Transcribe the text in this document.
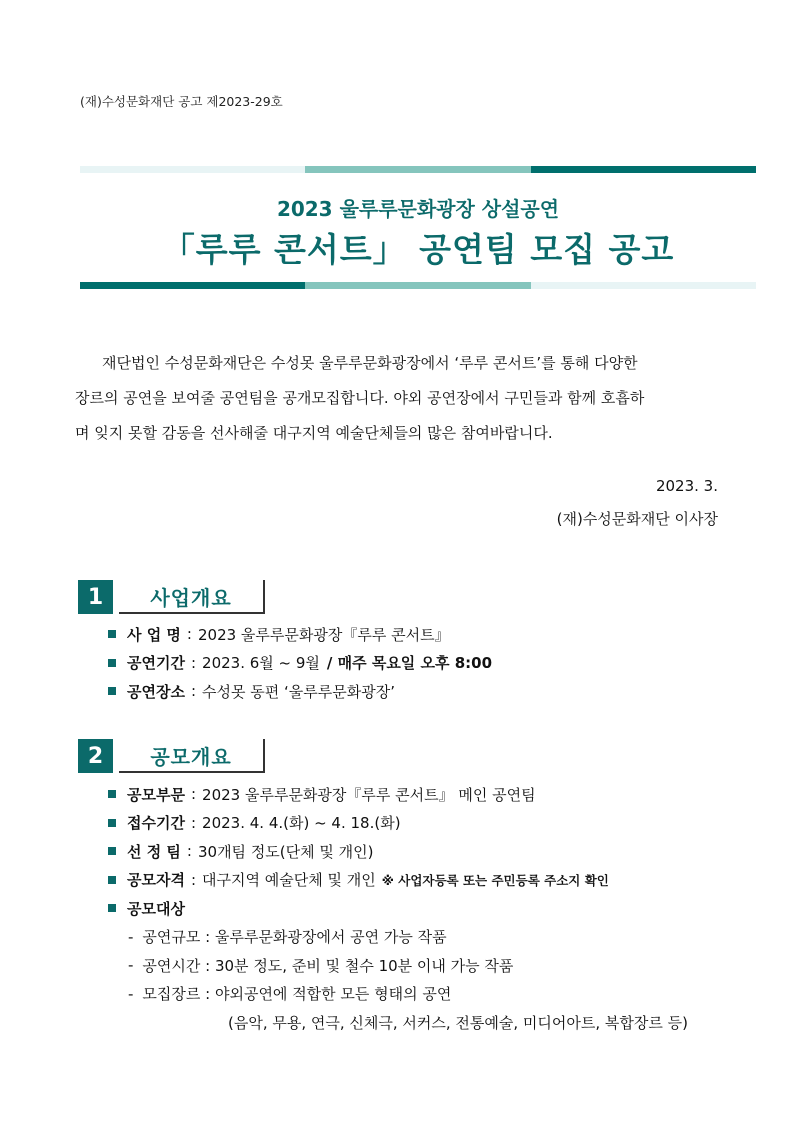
(재)수성문화재단 공고 제2023-29호
2023 울루루문화광장 상설공연
「루루 콘서트」 공연팀 모집 공고
재단법인 수성문화재단은 수성못 울루루문화광장에서 ‘루루 콘서트’를 통해 다양한
장르의 공연을 보여줄 공연팀을 공개모집합니다. 야외 공연장에서 구민들과 함께 호흡하
며 잊지 못할 감동을 선사해줄 대구지역 예술단체들의 많은 참여바랍니다.
2023. 3.
(재)수성문화재단 이사장
1	사업개요
사 업 명 : 2023 울루루문화광장『루루 콘서트』
공연기간 : 2023. 6월 ~ 9월 / 매주 목요일 오후 8:00
공연장소 : 수성못 동편 ‘울루루문화광장’
2	공모개요
공모부문 : 2023 울루루문화광장『루루 콘서트』 메인 공연팀
접수기간 : 2023. 4. 4.(화) ~ 4. 18.(화)
선 정 팀 : 30개팀 정도(단체 및 개인)
공모자격 : 대구지역 예술단체 및 개인 ※ 사업자등록 또는 주민등록 주소지 확인
공모대상
- 공연규모 : 울루루문화광장에서 공연 가능 작품
- 공연시간 : 30분 정도, 준비 및 철수 10분 이내 가능 작품
- 모집장르 : 야외공연에 적합한 모든 형태의 공연
(음악, 무용, 연극, 신체극, 서커스, 전통예술, 미디어아트, 복합장르 등)
